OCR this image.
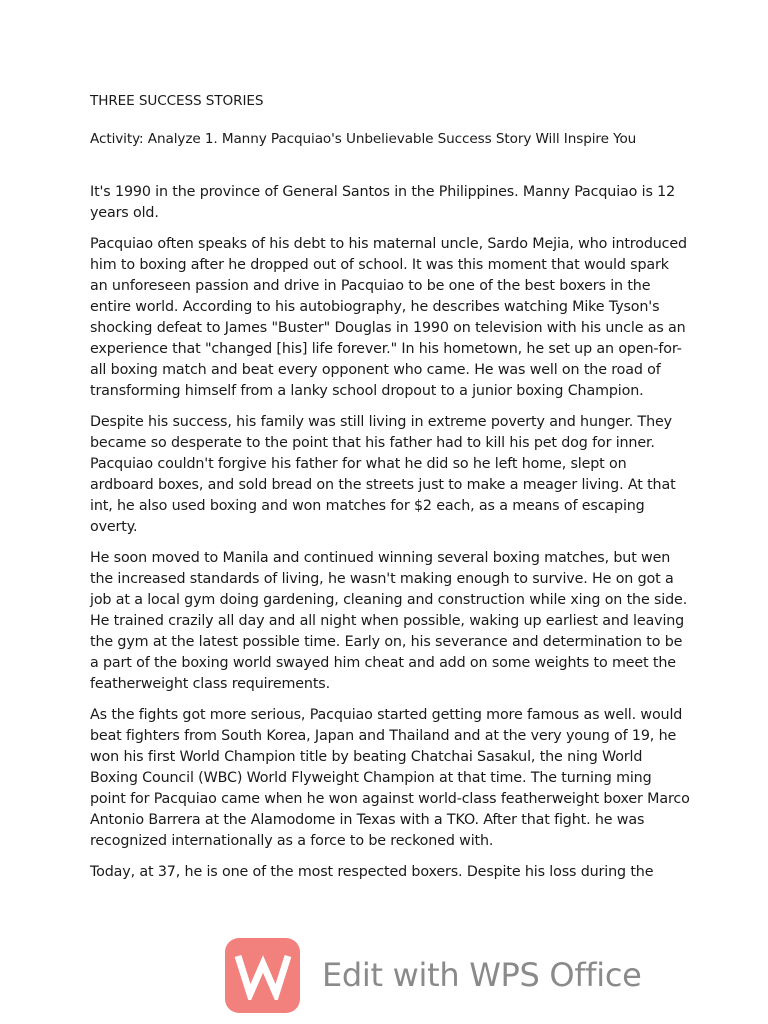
THREE SUCCESS STORIES
Activity: Analyze 1. Manny Pacquiao's Unbelievable Success Story Will Inspire You

It's 1990 in the province of General Santos in the Philippines. Manny Pacquiao is 12 years old.

Pacquiao often speaks of his debt to his maternal uncle, Sardo Mejia, who introduced him to boxing after he dropped out of school. It was this moment that would spark an unforeseen passion and drive in Pacquiao to be one of the best boxers in the entire world. According to his autobiography, he describes watching Mike Tyson's shocking defeat to James "Buster" Douglas in 1990 on television with his uncle as an experience that "changed [his] life forever." In his hometown, he set up an open-for-all boxing match and beat every opponent who came. He was well on the road of transforming himself from a lanky school dropout to a junior boxing Champion.

Despite his success, his family was still living in extreme poverty and hunger. They became so desperate to the point that his father had to kill his pet dog for inner. Pacquiao couldn't forgive his father for what he did so he left home, slept on ardboard boxes, and sold bread on the streets just to make a meager living. At that int, he also used boxing and won matches for $2 each, as a means of escaping overty.

He soon moved to Manila and continued winning several boxing matches, but wen the increased standards of living, he wasn't making enough to survive. He on got a job at a local gym doing gardening, cleaning and construction while xing on the side. He trained crazily all day and all night when possible, waking up earliest and leaving the gym at the latest possible time. Early on, his severance and determination to be a part of the boxing world swayed him cheat and add on some weights to meet the featherweight class requirements.

As the fights got more serious, Pacquiao started getting more famous as well. would beat fighters from South Korea, Japan and Thailand and at the very young of 19, he won his first World Champion title by beating Chatchai Sasakul, the ning World Boxing Council (WBC) World Flyweight Champion at that time. The turning ming point for Pacquiao came when he won against world-class featherweight boxer Marco Antonio Barrera at the Alamodome in Texas with a TKO. After that fight. he was recognized internationally as a force to be reckoned with.

Today, at 37, he is one of the most respected boxers. Despite his loss during the

Edit with WPS Office
